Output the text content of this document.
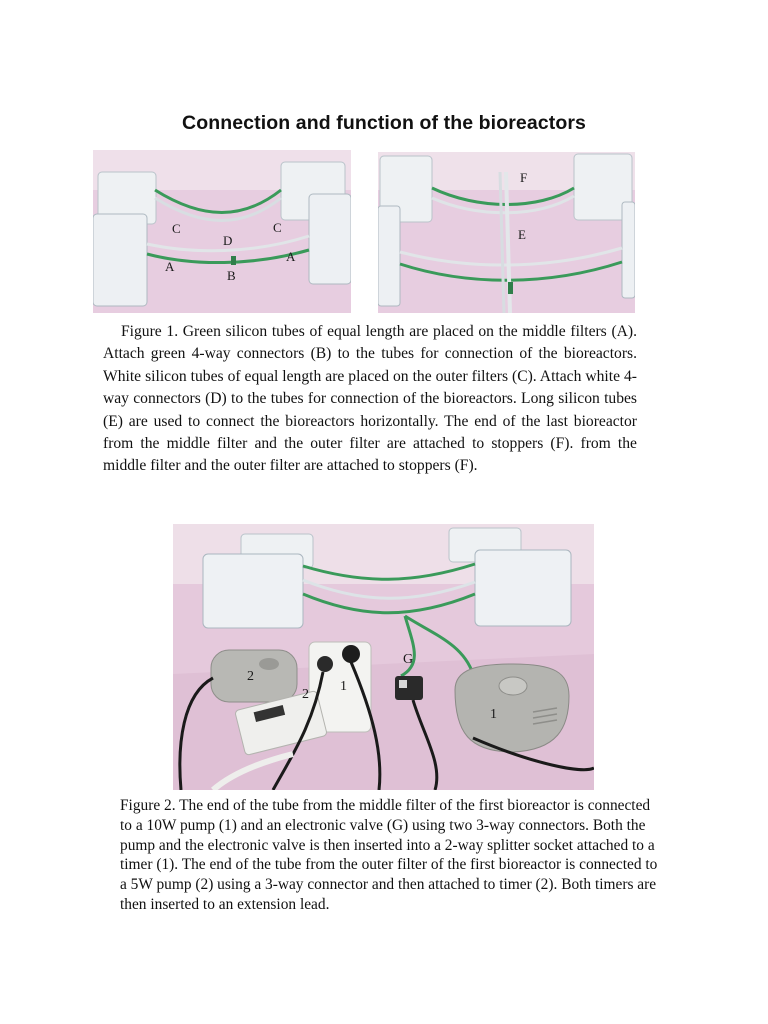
Connection and function of the bioreactors
C
D
C
A
A
B
F
E

Figure 1. Green silicon tubes of equal length are placed on the middle filters (A). Attach green 4-way connectors (B) to the tubes for connection of the bioreactors. White silicon tubes of equal length are placed on the outer filters (C). Attach white 4-way connectors (D) to the tubes for connection of the bioreactors. Long silicon tubes (E) are used to connect the bioreactors horizontally. The end of the last bioreactor from the middle filter and the outer filter are attached to stoppers (F). from the middle filter and the outer filter are attached to stoppers (F).

G
2
1
2
1

Figure 2. The end of the tube from the middle filter of the first bioreactor is connected to a 10W pump (1) and an electronic valve (G) using two 3-way connectors. Both the pump and the electronic valve is then inserted into a 2-way splitter socket attached to a timer (1). The end of the tube from the outer filter of the first bioreactor is connected to a 5W pump (2) using a 3-way connector and then attached to timer (2). Both timers are then inserted to an extension lead.
